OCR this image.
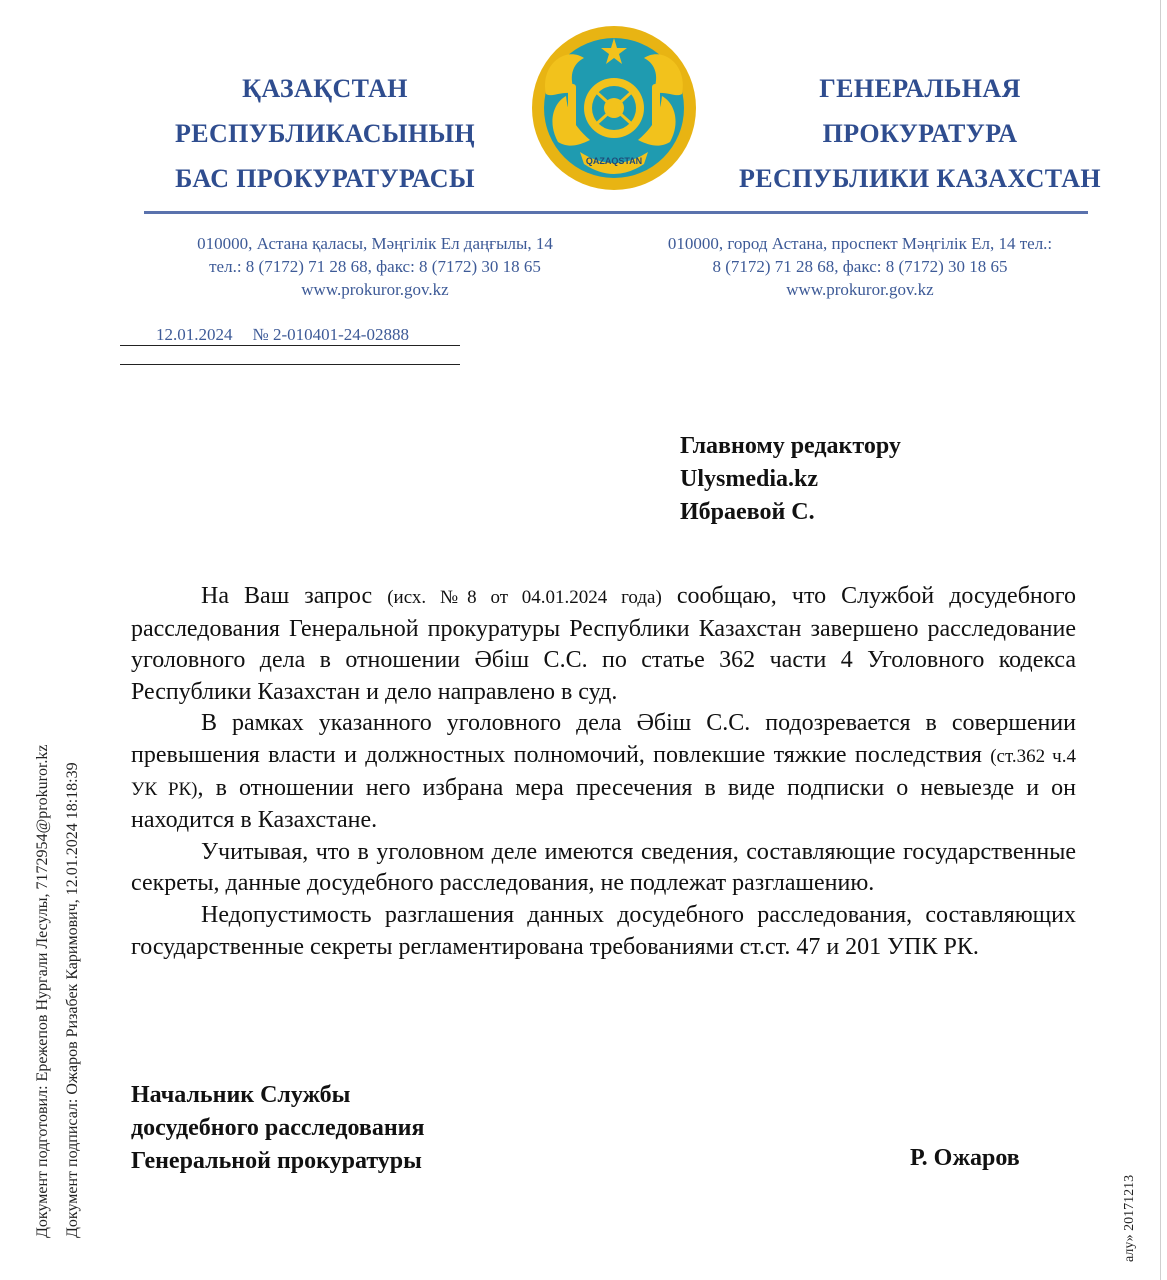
ҚАЗАҚСТАН
РЕСПУБЛИКАСЫНЫҢ
БАС ПРОКУРАТУРАСЫ
QAZAQSTAN
ГЕНЕРАЛЬНАЯ
ПРОКУРАТУРА
РЕСПУБЛИКИ КАЗАХСТАН
010000, Астана қаласы, Мәңгілік Ел даңғылы, 14
тел.: 8 (7172) 71 28 68, факс: 8 (7172) 30 18 65
www.prokuror.gov.kz
010000, город Астана, проспект Мәңгілік Ел, 14 тел.:
8 (7172) 71 28 68, факс: 8 (7172) 30 18 65
www.prokuror.gov.kz
12.01.2024 № 2-010401-24-02888
Главному редактору
Ulysmedia.kz
Ибраевой С.

На Ваш запрос (исх. №8 от 04.01.2024 года) сообщаю, что Службой досудебного расследования Генеральной прокуратуры Республики Казахстан завершено расследование уголовного дела в отношении Әбіш С.С. по статье 362 части 4 Уголовного кодекса Республики Казахстан и дело направлено в суд.

В рамках указанного уголовного дела Әбіш С.С. подозревается в совершении превышения власти и должностных полномочий, повлекшие тяжкие последствия (ст.362 ч.4 УК РК), в отношении него избрана мера пресечения в виде подписки о невыезде и он находится в Казахстане.

Учитывая, что в уголовном деле имеются сведения, составляющие государственные секреты, данные досудебного расследования, не подлежат разглашению.

Недопустимость разглашения данных досудебного расследования, составляющих государственные секреты регламентирована требованиями ст.ст. 47 и 201 УПК РК.

Начальник Службы
досудебного расследования
Генеральной прокуратуры	Р. Ожаров
Документ подготовил: Ережепов Нургали Лесулы, 7172954@prokuror.kz Документ подписал: Ожаров Ризабек Каримович, 12.01.2024 18:18:39	алу» 20171213
